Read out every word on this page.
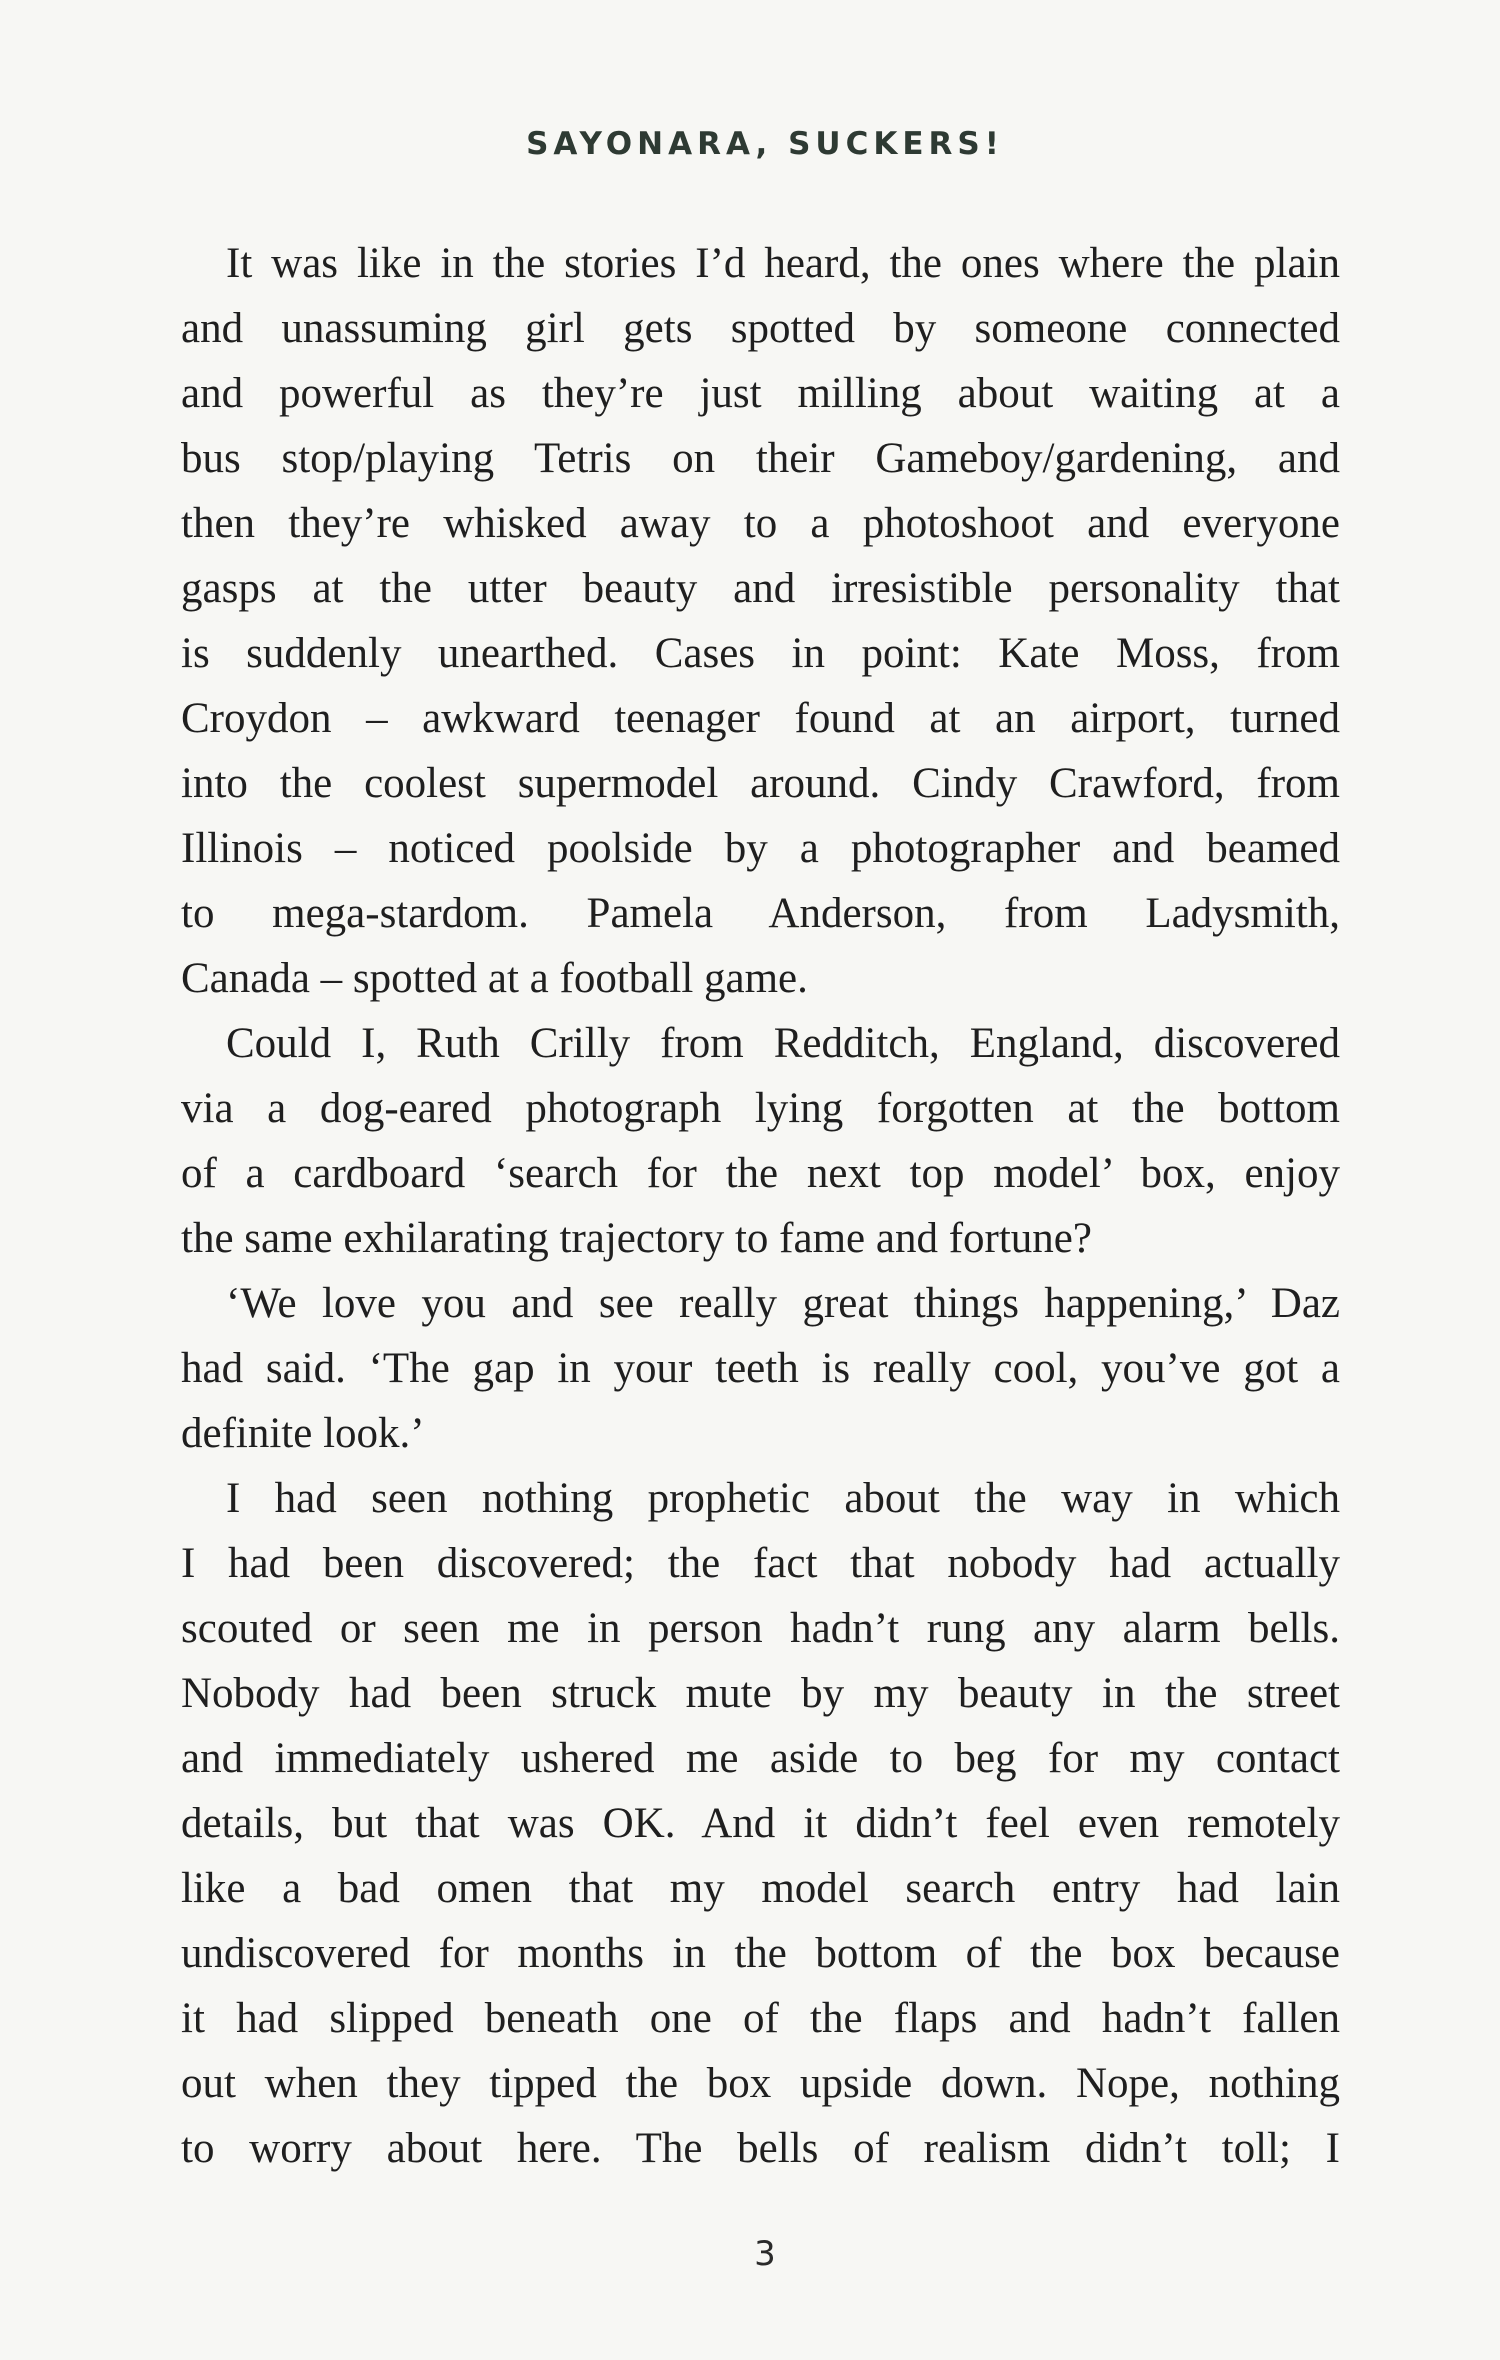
SAYONARA, SUCKERS!
It was like in the stories I’d heard, the ones where the plain
and unassuming girl gets spotted by someone connected
and powerful as they’re just milling about waiting at a
bus stop/playing Tetris on their Gameboy/gardening, and
then they’re whisked away to a photoshoot and everyone
gasps at the utter beauty and irresistible personality that
is suddenly unearthed. Cases in point: Kate Moss, from
Croydon – awkward teenager found at an airport, turned
into the coolest supermodel around. Cindy Crawford, from
Illinois – noticed poolside by a photographer and beamed
to mega-stardom. Pamela Anderson, from Ladysmith,
Canada – spotted at a football game.
Could I, Ruth Crilly from Redditch, England, discovered
via a dog-eared photograph lying forgotten at the bottom
of a cardboard ‘search for the next top model’ box, enjoy
the same exhilarating trajectory to fame and fortune?
‘We love you and see really great things happening,’ Daz
had said. ‘The gap in your teeth is really cool, you’ve got a
definite look.’
I had seen nothing prophetic about the way in which
I had been discovered; the fact that nobody had actually
scouted or seen me in person hadn’t rung any alarm bells.
Nobody had been struck mute by my beauty in the street
and immediately ushered me aside to beg for my contact
details, but that was OK. And it didn’t feel even remotely
like a bad omen that my model search entry had lain
undiscovered for months in the bottom of the box because
it had slipped beneath one of the flaps and hadn’t fallen
out when they tipped the box upside down. Nope, nothing
to worry about here. The bells of realism didn’t toll; I
3
